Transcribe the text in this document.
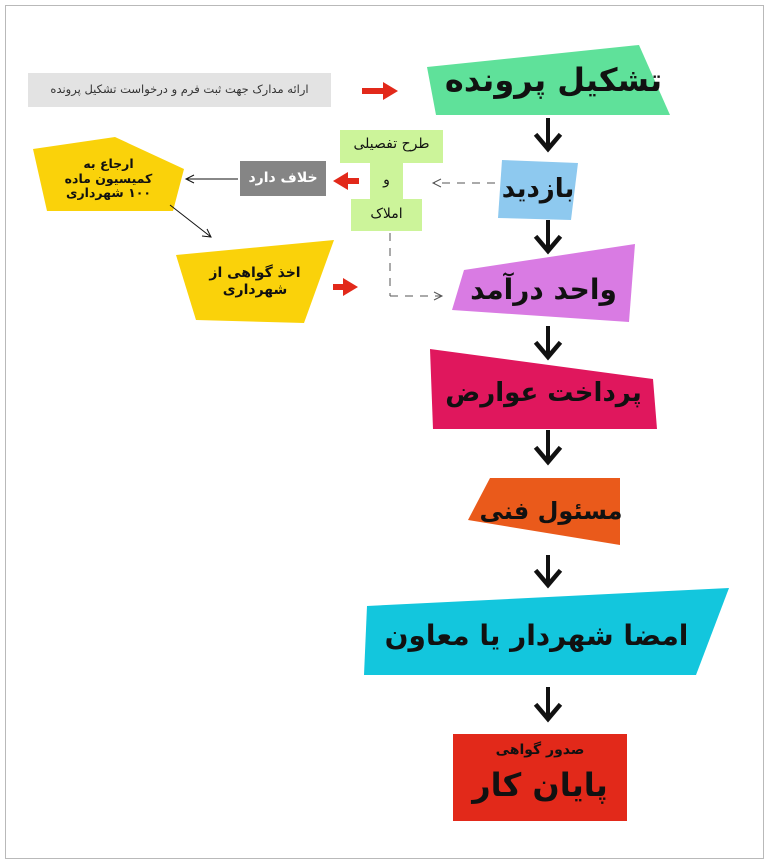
تشکیل پرونده
بازدید
واحد درآمد
پرداخت عوارض
مسئول فنی
امضا شهردار یا معاون
صدور گواهی
پایان کار
ارائه مدارک جهت ثبت فرم و درخواست تشکیل پرونده
طرح تفصیلی
و
املاک
خلاف دارد
ارجاع به کمیسیون ماده ۱۰۰ شهرداری
اخذ گواهی از شهرداری
